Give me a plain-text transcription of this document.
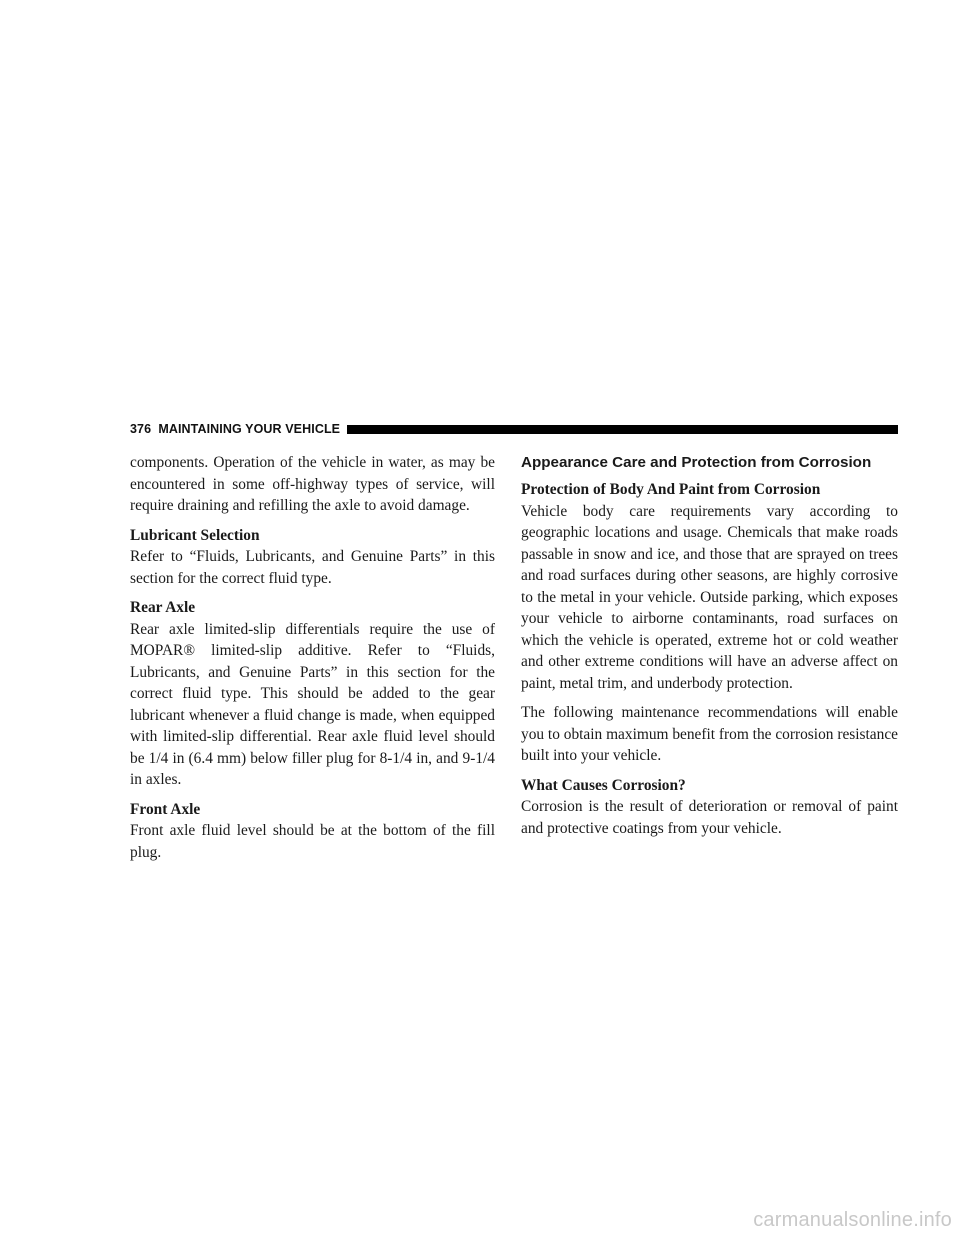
376 MAINTAINING YOUR VEHICLE

components. Operation of the vehicle in water, as may be encountered in some off-highway types of service, will require draining and refilling the axle to avoid damage.

Lubricant Selection

Refer to “Fluids, Lubricants, and Genuine Parts” in this section for the correct fluid type.

Rear Axle

Rear axle limited-slip differentials require the use of MOPAR® limited-slip additive. Refer to “Fluids, Lubricants, and Genuine Parts” in this section for the correct fluid type. This should be added to the gear lubricant whenever a fluid change is made, when equipped with limited-slip differential. Rear axle fluid level should be 1/4 in (6.4 mm) below filler plug for 8-1/4 in, and 9-1/4 in axles.

Front Axle

Front axle fluid level should be at the bottom of the fill plug.

Appearance Care and Protection from Corrosion
Protection of Body And Paint from Corrosion

Vehicle body care requirements vary according to geographic locations and usage. Chemicals that make roads passable in snow and ice, and those that are sprayed on trees and road surfaces during other seasons, are highly corrosive to the metal in your vehicle. Outside parking, which exposes your vehicle to airborne contaminants, road surfaces on which the vehicle is operated, extreme hot or cold weather and other extreme conditions will have an adverse affect on paint, metal trim, and underbody protection.

The following maintenance recommendations will enable you to obtain maximum benefit from the corrosion resistance built into your vehicle.

What Causes Corrosion?

Corrosion is the result of deterioration or removal of paint and protective coatings from your vehicle.

carmanualsonline.info
